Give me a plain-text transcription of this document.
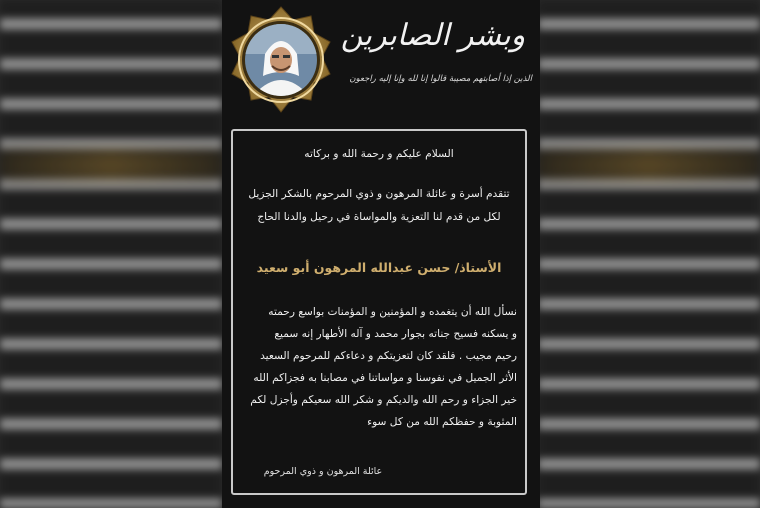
وبشر الصابرين
الذين إذا أصابتهم مصيبة قالوا إنا لله وإنا إليه راجعون
السلام عليكم و رحمة الله و بركاته
تتقدم أسرة و عائلة المرهون و ذوي المرحوم بالشكر الجزيل
لكل من قدم لنا التعزية والمواساة في رحيل والدنا الحاج
الأستاذ/ حسن عبدالله المرهون أبو سعيد
نسأل الله أن يتغمده و المؤمنين و المؤمنات بواسع رحمته
و يسكنه فسيح جناته بجوار محمد و آله الأطهار إنه سميع
رحيم مجيب . فلقد كان لتعزيتكم و دعاءكم للمرحوم السعيد
الأثر الجميل في نفوسنا و مواساتنا في مصابنا به فجزاكم الله
خير الجزاء و رحم الله والديكم و شكر الله سعيكم وأجزل لكم
المثوبة و حفظكم الله من كل سوء
عائلة المرهون و ذوي المرحوم
